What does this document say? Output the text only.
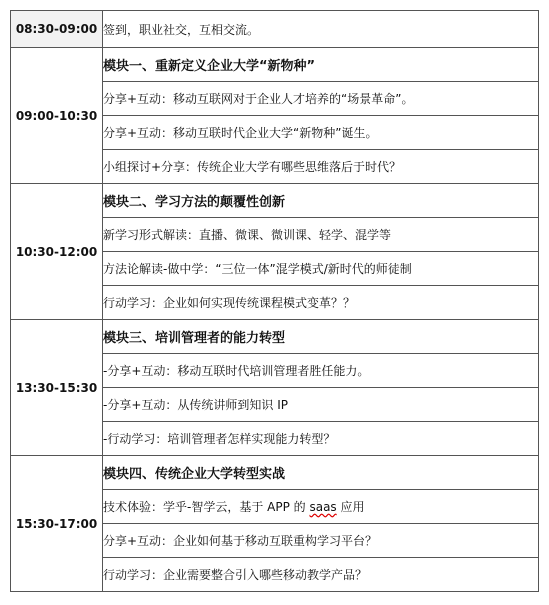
08:30-09:00	签到，职业社交，互相交流。
09:00-10:30	模块一、重新定义企业大学“新物种”
	分享+互动：移动互联网对于企业人才培养的“场景革命”。
	分享+互动：移动互联时代企业大学“新物种”诞生。
	小组探讨+分享：传统企业大学有哪些思维落后于时代？
10:30-12:00	模块二、学习方法的颠覆性创新
	新学习形式解读：直播、微课、微训课、轻学、混学等
	方法论解读-做中学：“三位一体”混学模式/新时代的师徒制
	行动学习：企业如何实现传统课程模式变革？？
13:30-15:30	模块三、培训管理者的能力转型
	-分享+互动：移动互联时代培训管理者胜任能力。
	-分享+互动：从传统讲师到知识 IP
	-行动学习：培训管理者怎样实现能力转型？
15:30-17:00	模块四、传统企业大学转型实战
	技术体验：学乎-智学云，基于 APP 的 saas 应用
	分享+互动：企业如何基于移动互联重构学习平台？
	行动学习：企业需要整合引入哪些移动教学产品？
